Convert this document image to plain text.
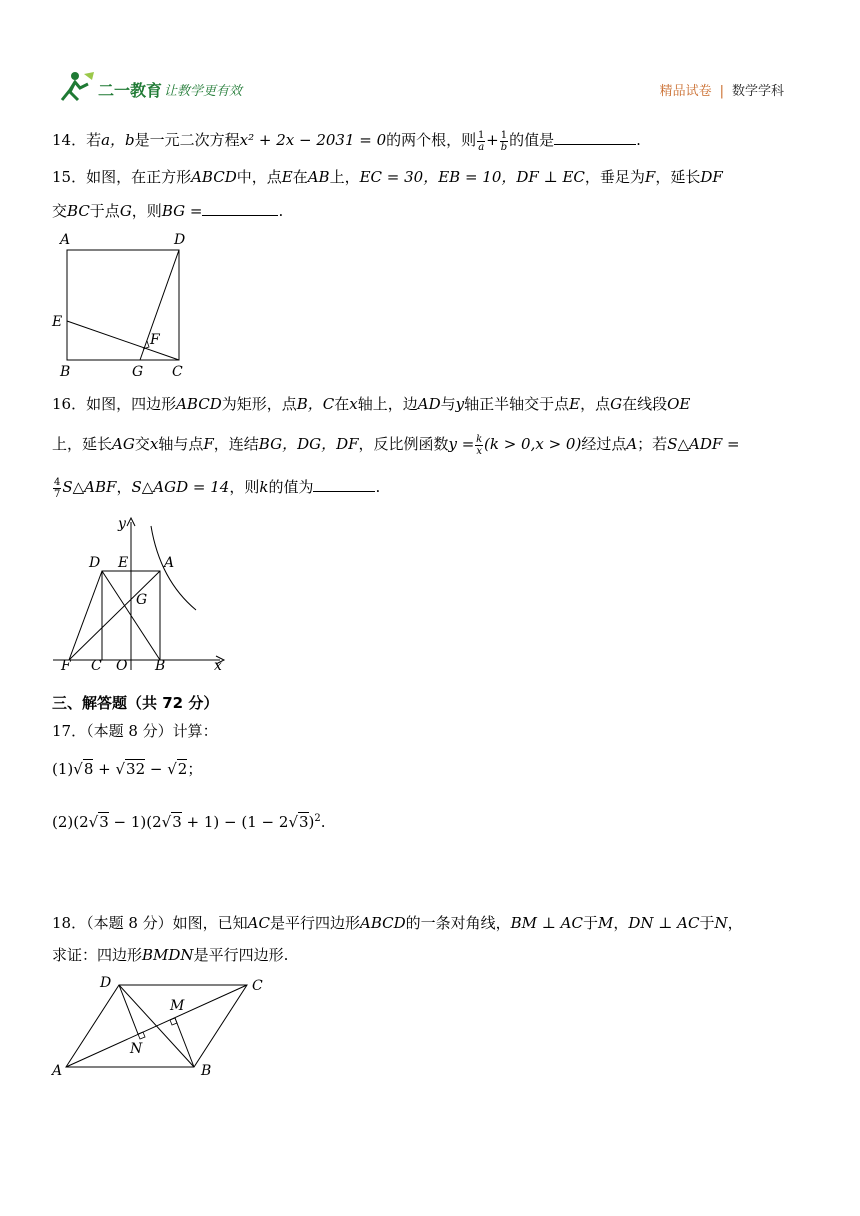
二一教育 让教学更有效	精品试卷 | 数学学科
14．若a，b是一元二次方程x² + 2x − 2031 = 0的两个根，则 $\frac{1}{a} + \frac{1}{b}$ 的值是	.
15．如图，在正方形ABCD中，点E在AB上，EC = 30，EB = 10，DF ⊥ EC，垂足为F，延长DF
交BC于点G，则BG =	.
A	D
E
F
B	G C
16．如图，四边形ABCD为矩形，点B，C在x轴上，边AD与y轴正半轴交于点E，点G在线段OE
上，延长AG交x轴与点F，连结BG，DG，DF，反比例函数$y = \frac{k}{x} (k > 0,x > 0)$经过点A；若S△ADF =
$\frac{4}{7}$ S△ABF，S△AGD = 14，则k的值为	.
y
D E	A
G
F C O B	x
三、解答题（共 72 分）
17．（本题 8 分）计算：
(1)√8 + √32 − √2；
$(2)(2√3 - 1)(2√3 + 1) - (1 - 2√3)^2$.
18．（本题 8 分）如图，已知AC是平行四边形ABCD的一条对角线，BM ⊥ AC于M，DN ⊥ AC于N，
求证：四边形BMDN是平行四边形.
D	C
M
N
A	B
